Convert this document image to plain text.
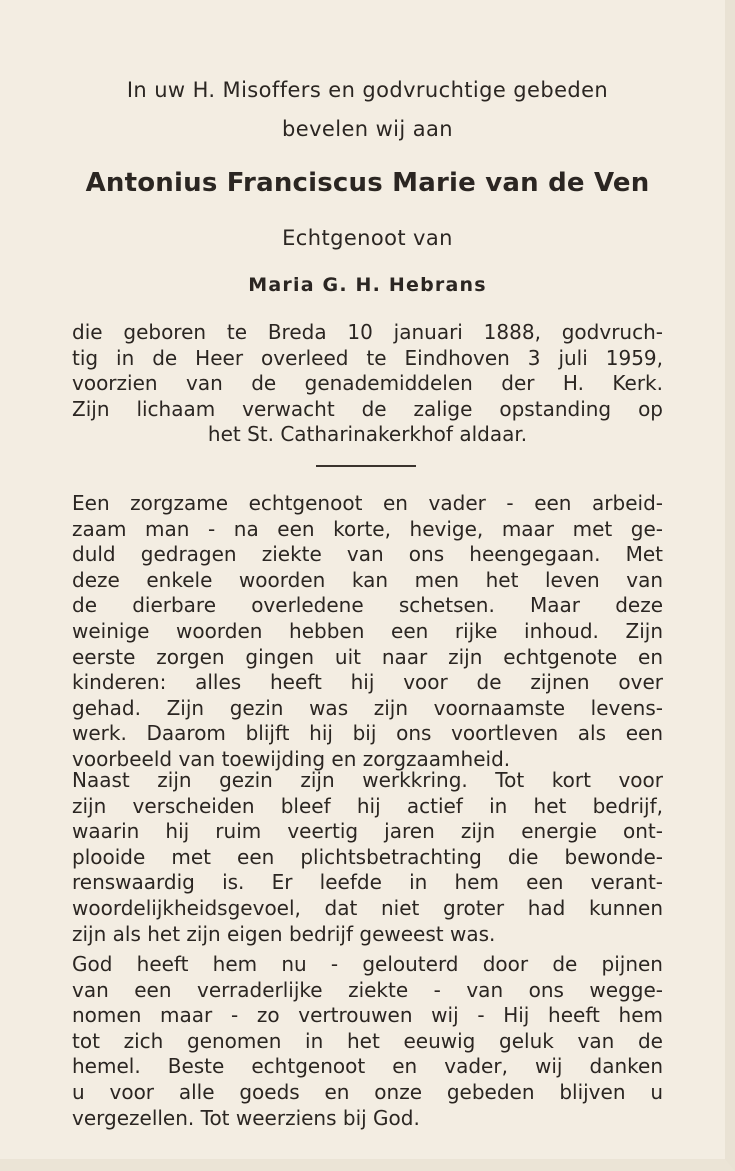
In uw H. Misoffers en godvruchtige gebeden
bevelen wij aan
Antonius Franciscus Marie van de Ven
Echtgenoot van
Maria G. H. Hebrans
die geboren te Breda 10 januari 1888, godvruch-
tig in de Heer overleed te Eindhoven 3 juli 1959,
voorzien van de genademiddelen der H. Kerk.
Zijn lichaam verwacht de zalige opstanding op
het St. Catharinakerkhof aldaar.
Een zorgzame echtgenoot en vader - een arbeid-
zaam man - na een korte, hevige, maar met ge-
duld gedragen ziekte van ons heengegaan. Met
deze enkele woorden kan men het leven van
de dierbare overledene schetsen. Maar deze
weinige woorden hebben een rijke inhoud. Zijn
eerste zorgen gingen uit naar zijn echtgenote en
kinderen: alles heeft hij voor de zijnen over
gehad. Zijn gezin was zijn voornaamste levens-
werk. Daarom blijft hij bij ons voortleven als een
voorbeeld van toewijding en zorgzaamheid.
Naast zijn gezin zijn werkkring. Tot kort voor
zijn verscheiden bleef hij actief in het bedrijf,
waarin hij ruim veertig jaren zijn energie ont-
plooide met een plichtsbetrachting die bewonde-
renswaardig is. Er leefde in hem een verant-
woordelijkheidsgevoel, dat niet groter had kunnen
zijn als het zijn eigen bedrijf geweest was.
God heeft hem nu - gelouterd door de pijnen
van een verraderlijke ziekte - van ons wegge-
nomen maar - zo vertrouwen wij - Hij heeft hem
tot zich genomen in het eeuwig geluk van de
hemel. Beste echtgenoot en vader, wij danken
u voor alle goeds en onze gebeden blijven u
vergezellen. Tot weerziens bij God.
